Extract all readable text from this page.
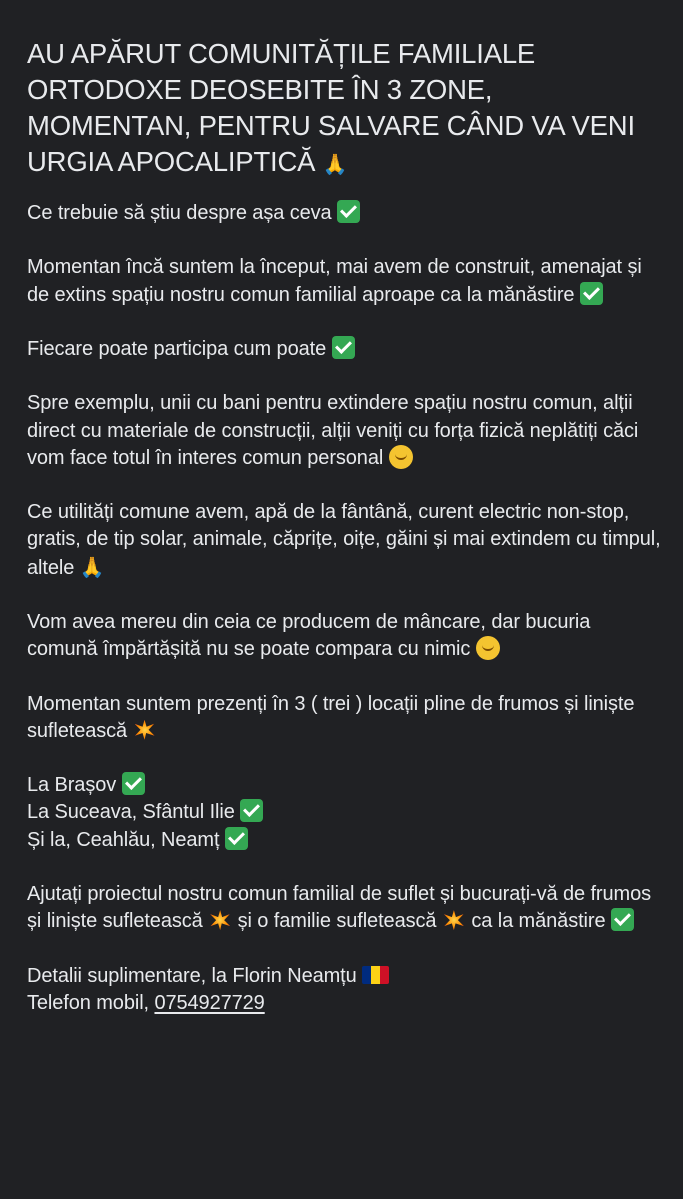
AU APĂRUT COMUNITĂȚILE FAMILIALE ORTODOXE DEOSEBITE ÎN 3 ZONE, MOMENTAN, PENTRU SALVARE CÂND VA VENI URGIA APOCALIPTICĂ 🙏
Ce trebuie să știu despre așa ceva
Momentan încă suntem la început, mai avem de construit, amenajat și de extins spațiu nostru comun familial aproape ca la mănăstire
Fiecare poate participa cum poate
Spre exemplu, unii cu bani pentru extindere spațiu nostru comun, alții direct cu materiale de construcții, alții veniți cu forța fizică neplătiți căci vom face totul în interes comun personal
Ce utilități comune avem, apă de la fântână, curent electric non-stop, gratis, de tip solar, animale, căprițe, oițe, găini și mai extindem cu timpul, altele 🙏
Vom avea mereu din ceia ce producem de mâncare, dar bucuria comună împărtășită nu se poate compara cu nimic
Momentan suntem prezenți în 3 ( trei ) locații pline de frumos și liniște sufletească
La Brașov
La Suceava, Sfântul Ilie
Și la, Ceahlău, Neamț
Ajutați proiectul nostru comun familial de suflet și bucurați-vă de frumos și liniște sufletească și o familie sufletească ca la mănăstire
Detalii suplimentare, la Florin Neamțu
Telefon mobil, 0754927729
